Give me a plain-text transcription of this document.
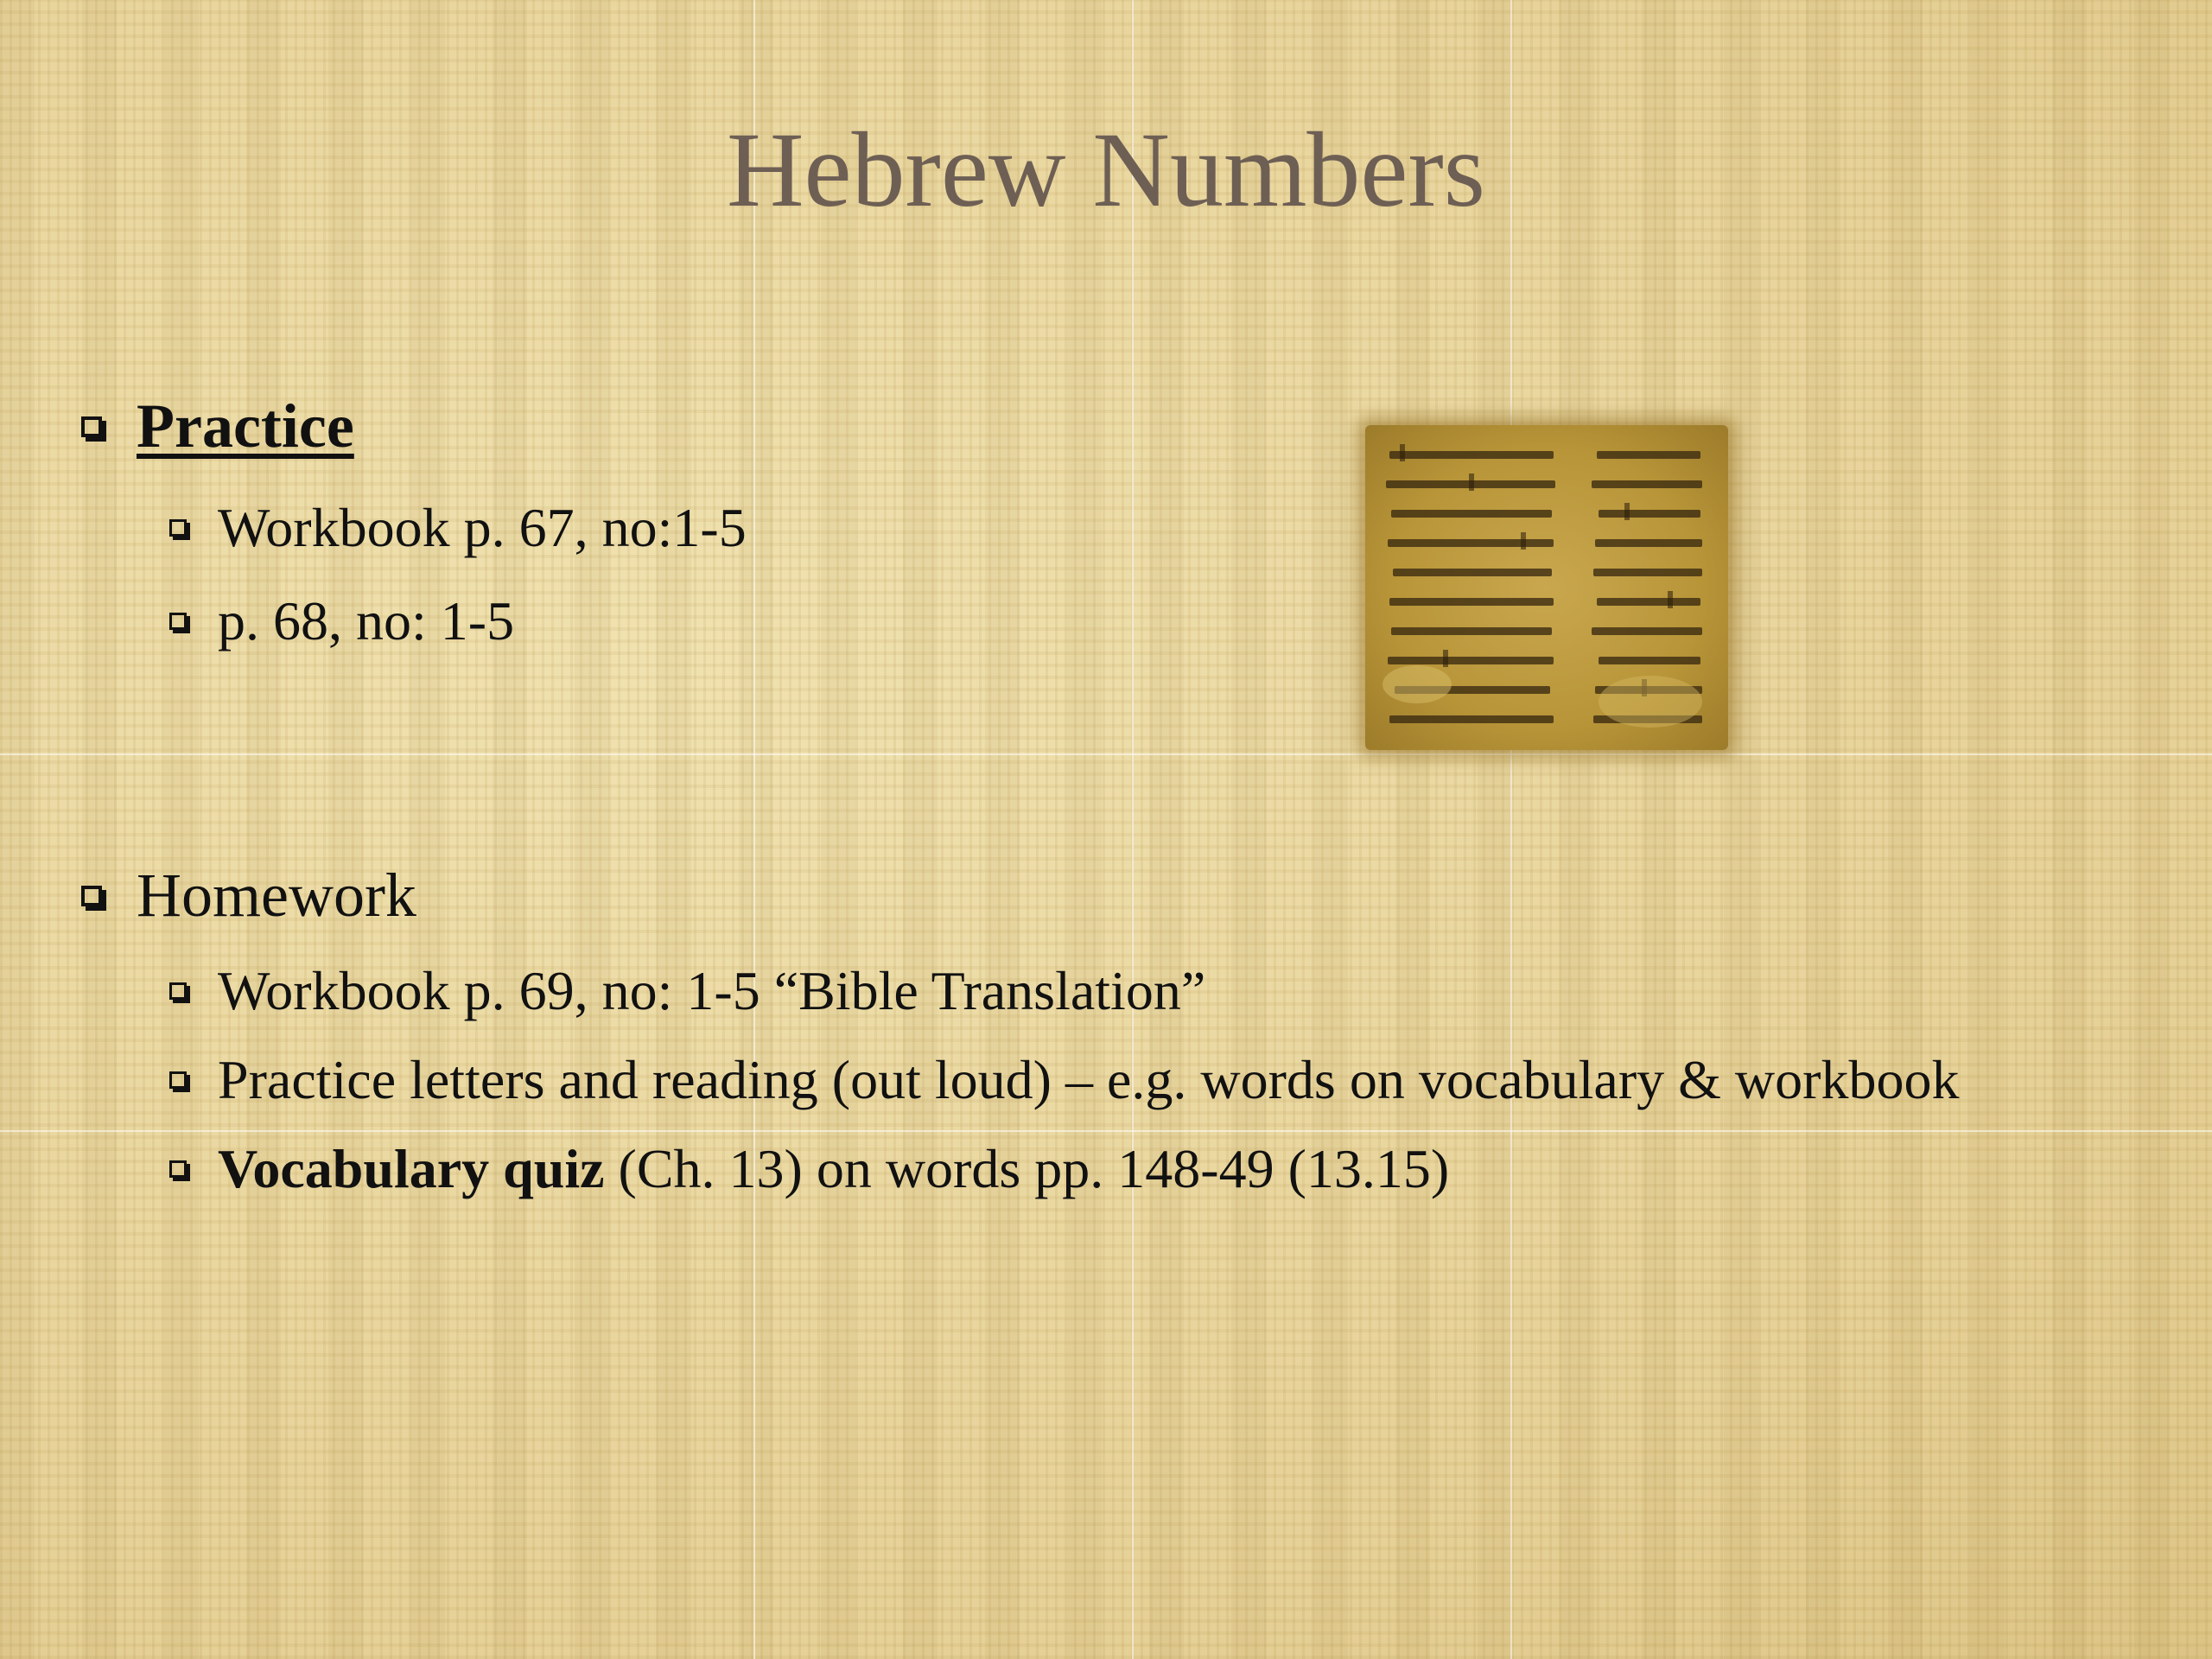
Hebrew Numbers
Practice
Workbook p. 67, no:1-5
p. 68, no: 1-5
Homework
Workbook p. 69, no: 1-5 “Bible Translation”
Practice letters and reading (out loud) – e.g. words on vocabulary & workbook
Vocabulary quiz (Ch. 13) on words pp. 148-49 (13.15)
